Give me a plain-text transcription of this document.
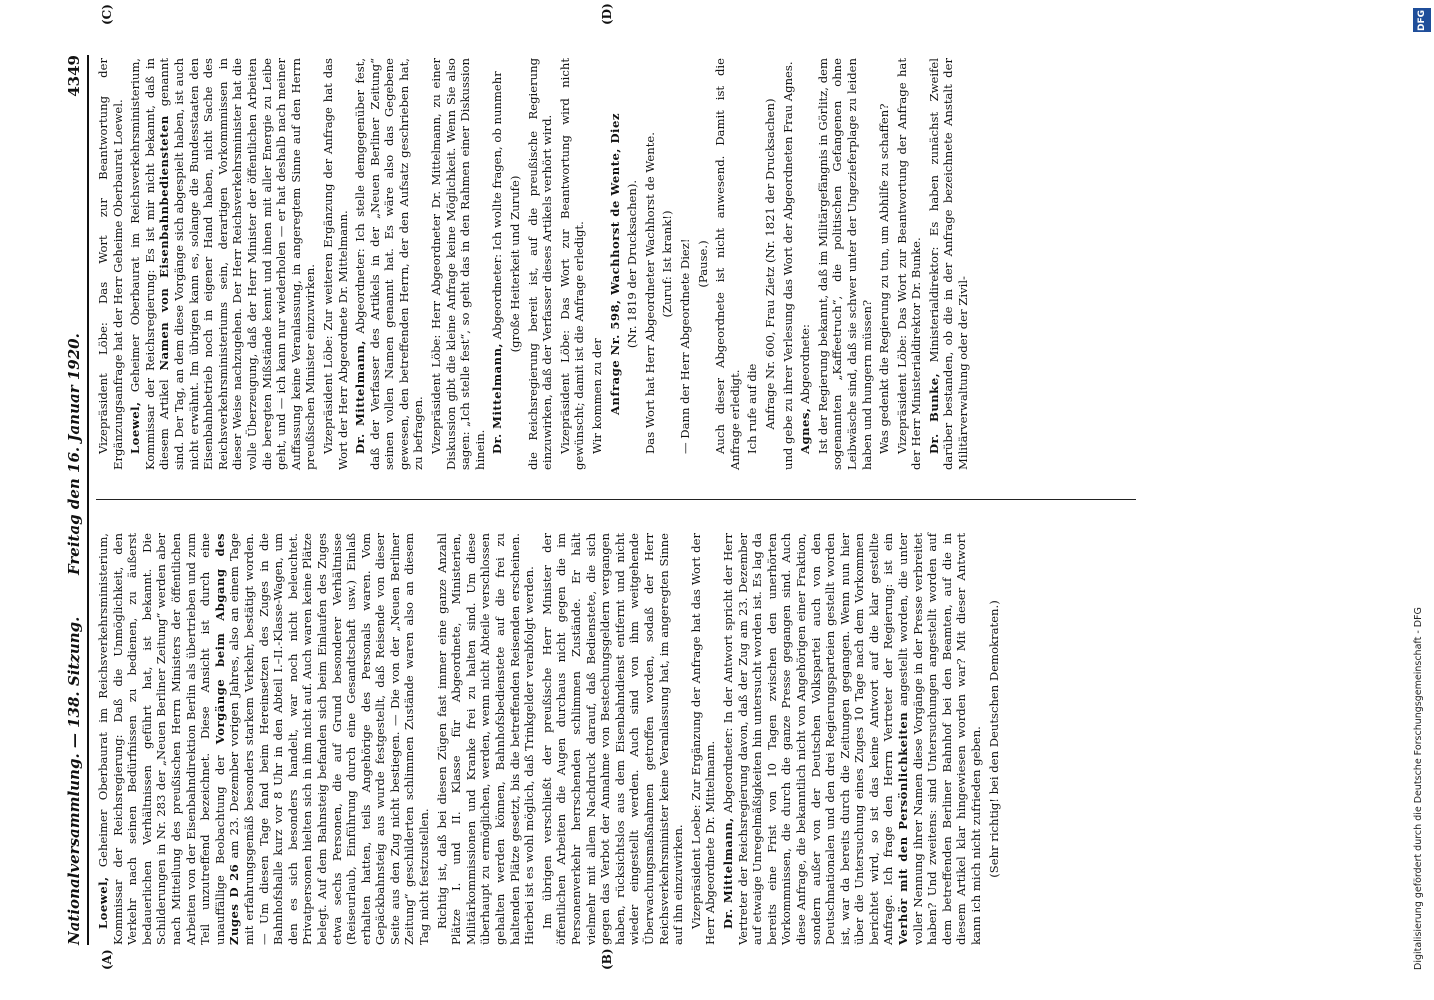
Nationalversammlung. — 138. Sitzung.
Freitag den 16. Januar 1920.
4349
(A)	(B)
(C)	(D)

Loewel, Geheimer Oberbaurat im Reichsverkehrsministerium, Kommissar der Reichsregierung: Daß die Unmöglichkeit, den Verkehr nach seinen Bedürfnissen zu bedienen, zu äußerst bedauerlichen Verhältnissen geführt hat, ist bekannt. Die Schilderungen in Nr. 283 der „Neuen Berliner Zeitung“ werden aber nach Mitteilung des preußischen Herrn Ministers der öffentlichen Arbeiten von der Eisenbahndirektion Berlin als übertrieben und zum Teil unzutreffend bezeichnet. Diese Ansicht ist durch eine unauffällige Beobachtung der Vorgänge beim Abgang des Zuges D 26 am 23. Dezember vorigen Jahres, also an einem Tage mit erfahrungsgemäß besonders starkem Verkehr, bestätigt worden. — Um diesen Tage fand beim Hereinsetzen des Zuges in die Bahnhofshalle kurz vor 8 Uhr in den Abteil I.–II.-Klasse-Wagen, um den es sich besonders handelt, war noch nicht beleuchtet. Privatpersonen hielten sich in ihm nicht auf. Auch waren keine Plätze belegt. Auf dem Bahnsteig befanden sich beim Einlaufen des Zuges etwa sechs Personen, die auf Grund besonderer Verhältnisse (Reiseurlaub, Einführung durch eine Gesandtschaft usw.) Einlaß erhalten hatten, teils Angehörige des Personals waren. Vom Gepäckbahnsteig aus wurde festgestellt, daß Reisende von dieser Seite aus den Zug nicht bestiegen. — Die von der „Neuen Berliner Zeitung“ geschilderten schlimmen Zustände waren also an diesem Tag nicht festzustellen. Richtig ist, daß bei diesen Zügen fast immer eine ganze Anzahl Plätze I. und II. Klasse für Abgeordnete, Ministerien, Militärkommissionen und Kranke frei zu halten sind. Um diese überhaupt zu ermöglichen, werden, wenn nicht Abteile verschlossen gehalten werden können, Bahnhofsbedienstete auf die frei zu haltenden Plätze gesetzt, bis die betreffenden Reisenden erscheinen. Hierbei ist es wohl möglich, daß Trinkgelder verabfolgt werden. Im übrigen verschließt der preußische Herr Minister der öffentlichen Arbeiten die Augen durchaus nicht gegen die im Personenverkehr herrschenden schlimmen Zustände. Er hält vielmehr mit allem Nachdruck darauf, daß Bedienstete, die sich gegen das Verbot der Annahme von Bestechungsgeldern vergangen haben, rücksichtslos aus dem Eisenbahndienst entfernt und nicht wieder eingestellt werden. Auch sind von ihm weitgehende Überwachungsmaßnahmen getroffen worden, sodaß der Herr Reichsverkehrsminister keine Veranlassung hat, im angeregten Sinne auf ihn einzuwirken. Vizepräsident Loebe: Zur Ergänzung der Anfrage hat das Wort der Herr Abgeordnete Dr. Mittelmann. Dr. Mittelmann, Abgeordneter: In der Antwort spricht der Herr Vertreter der Reichsregierung davon, daß der Zug am 23. Dezember auf etwaige Unregelmäßigkeiten hin untersucht worden ist. Es lag da bereits eine Frist von 10 Tagen zwischen den unerhörten Vorkommnissen, die durch die ganze Presse gegangen sind. Auch diese Anfrage, die bekanntlich nicht von Angehörigen einer Fraktion, sondern außer von der Deutschen Volkspartei auch von den Deutschnationalen und den drei Regierungsparteien gestellt worden ist, war da bereits durch die Zeitungen gegangen. Wenn nun hier über die Untersuchung eines Zuges 10 Tage nach dem Vorkommen berichtet wird, so ist das keine Antwort auf die klar gestellte Anfrage. Ich frage den Herrn Vertreter der Regierung: ist ein Verhör mit den Persönlichkeiten angestellt worden, die unter voller Nennung ihrer Namen diese Vorgänge in der Presse verbreitet haben? Und zweitens: sind Untersuchungen angestellt worden auf dem betreffenden Berliner Bahnhof bei den Beamten, auf die in diesem Artikel klar hingewiesen worden war? Mit dieser Antwort kann ich mich nicht zufrieden geben. (Sehr richtig! bei den Deutschen Demokraten.)

Vizepräsident Löbe: Das Wort zur Beantwortung der Ergänzungsanfrage hat der Herr Geheime Oberbaurat Loewel. Loewel, Geheimer Oberbaurat im Reichsverkehrsministerium, Kommissar der Reichsregierung: Es ist mir nicht bekannt, daß in diesem Artikel Namen von Eisenbahnbediensteten genannt sind. Der Tag, an dem diese Vorgänge sich abgespielt haben, ist auch nicht erwähnt. Im übrigen kann es, solange die Bundesstaaten den Eisenbahnbetrieb noch in eigener Hand haben, nicht Sache des Reichsverkehrsministeriums sein, derartigen Vorkommnissen in dieser Weise nachzugehen. Der Herr Reichsverkehrsminister hat die volle Überzeugung, daß der Herr Minister der öffentlichen Arbeiten die beregten Mißstände kennt und ihnen mit aller Energie zu Leibe geht, und — ich kann nur wiederholen — er hat deshalb nach meiner Auffassung keine Veranlassung, in angeregtem Sinne auf den Herrn preußischen Minister einzuwirken. Vizepräsident Löbe: Zur weiteren Ergänzung der Anfrage hat das Wort der Herr Abgeordnete Dr. Mittelmann. Dr. Mittelmann, Abgeordneter: Ich stelle demgegenüber fest, daß der Verfasser des Artikels in der „Neuen Berliner Zeitung“ seinen vollen Namen genannt hat. Es wäre also das Gegebene gewesen, den betreffenden Herrn, der den Aufsatz geschrieben hat, zu befragen. Vizepräsident Löbe: Herr Abgeordneter Dr. Mittelmann, zu einer Diskussion gibt die kleine Anfrage keine Möglichkeit. Wenn Sie also sagen: „Ich stelle fest“, so geht das in den Rahmen einer Diskussion hinein. Dr. Mittelmann, Abgeordneter: Ich wollte fragen, ob nunmehr (große Heiterkeit und Zurufe) die Reichsregierung bereit ist, auf die preußische Regierung einzuwirken, daß der Verfasser dieses Artikels verhört wird. Vizepräsident Löbe: Das Wort zur Beantwortung wird nicht gewünscht; damit ist die Anfrage erledigt. Wir kommen zu der Anfrage Nr. 598, Wachhorst de Wente, Diez (Nr. 1819 der Drucksachen). Das Wort hat Herr Abgeordneter Wachhorst de Wente. (Zuruf: Ist krank!) — Dann der Herr Abgeordnete Diez! (Pause.) Auch dieser Abgeordnete ist nicht anwesend. Damit ist die Anfrage erledigt. Ich rufe auf die Anfrage Nr. 600, Frau Zietz (Nr. 1821 der Drucksachen) und gebe zu ihrer Verlesung das Wort der Abgeordneten Frau Agnes. Agnes, Abgeordnete: Ist der Regierung bekannt, daß im Militärgefängnis in Görlitz, dem sogenannten „Kaffeetruch“, die politischen Gefangenen ohne Leibwäsche sind, daß sie schwer unter der Ungezieferplage zu leiden haben und hungern müssen? Was gedenkt die Regierung zu tun, um Abhilfe zu schaffen? Vizepräsident Löbe: Das Wort zur Beantwortung der Anfrage hat der Herr Ministerialdirektor Dr. Bunke. Dr. Bunke, Ministerialdirektor: Es haben zunächst Zweifel darüber bestanden, ob die in der Anfrage bezeichnete Anstalt der Militärverwaltung oder der Zivil-

DFG
Digitalisierung gefördert durch die Deutsche Forschungsgemeinschaft - DFG
